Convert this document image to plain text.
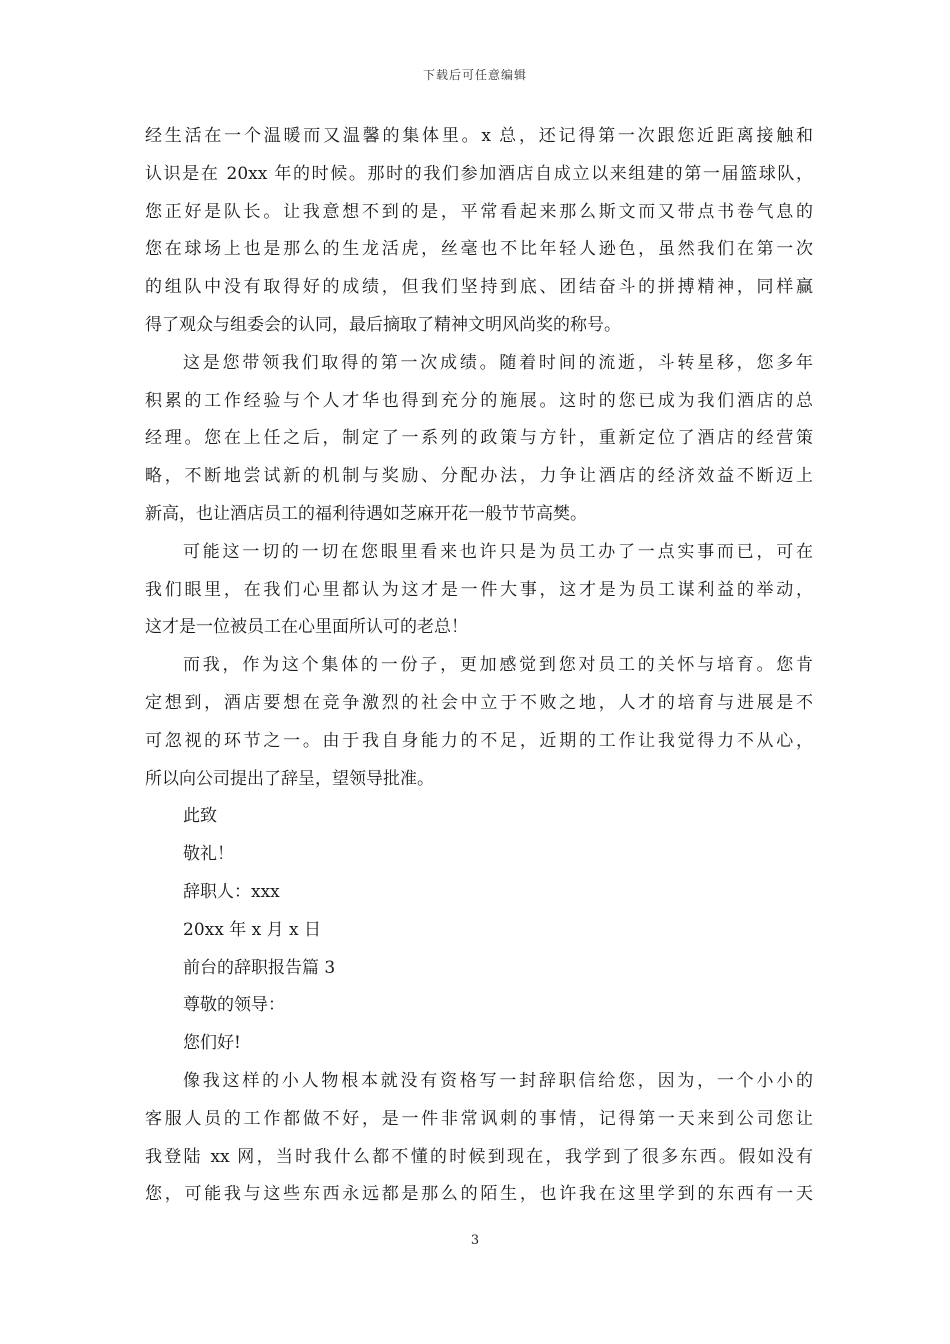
下载后可任意编辑
经生活在一个温暖而又温馨的集体里。x 总，还记得第一次跟您近距离接触和
认识是在 20xx 年的时候。那时的我们参加酒店自成立以来组建的第一届篮球队，
您正好是队长。让我意想不到的是，平常看起来那么斯文而又带点书卷气息的
您在球场上也是那么的生龙活虎，丝毫也不比年轻人逊色，虽然我们在第一次
的组队中没有取得好的成绩，但我们坚持到底、团结奋斗的拼搏精神，同样赢
得了观众与组委会的认同，最后摘取了精神文明风尚奖的称号。
这是您带领我们取得的第一次成绩。随着时间的流逝，斗转星移，您多年
积累的工作经验与个人才华也得到充分的施展。这时的您已成为我们酒店的总
经理。您在上任之后，制定了一系列的政策与方针，重新定位了酒店的经营策
略，不断地尝试新的机制与奖励、分配办法，力争让酒店的经济效益不断迈上
新高，也让酒店员工的福利待遇如芝麻开花一般节节高樊。
可能这一切的一切在您眼里看来也许只是为员工办了一点实事而已，可在
我们眼里，在我们心里都认为这才是一件大事，这才是为员工谋利益的举动，
这才是一位被员工在心里面所认可的老总！
而我，作为这个集体的一份子，更加感觉到您对员工的关怀与培育。您肯
定想到，酒店要想在竞争激烈的社会中立于不败之地，人才的培育与进展是不
可忽视的环节之一。由于我自身能力的不足，近期的工作让我觉得力不从心，
所以向公司提出了辞呈，望领导批准。
此致
敬礼！
辞职人：xxx
20xx 年 x 月 x 日
前台的辞职报告篇 3
尊敬的领导：
您们好!
像我这样的小人物根本就没有资格写一封辞职信给您，因为，一个小小的
客服人员的工作都做不好，是一件非常讽刺的事情，记得第一天来到公司您让
我登陆 xx 网，当时我什么都不懂的时候到现在，我学到了很多东西。假如没有
您，可能我与这些东西永远都是那么的陌生，也许我在这里学到的东西有一天
3
